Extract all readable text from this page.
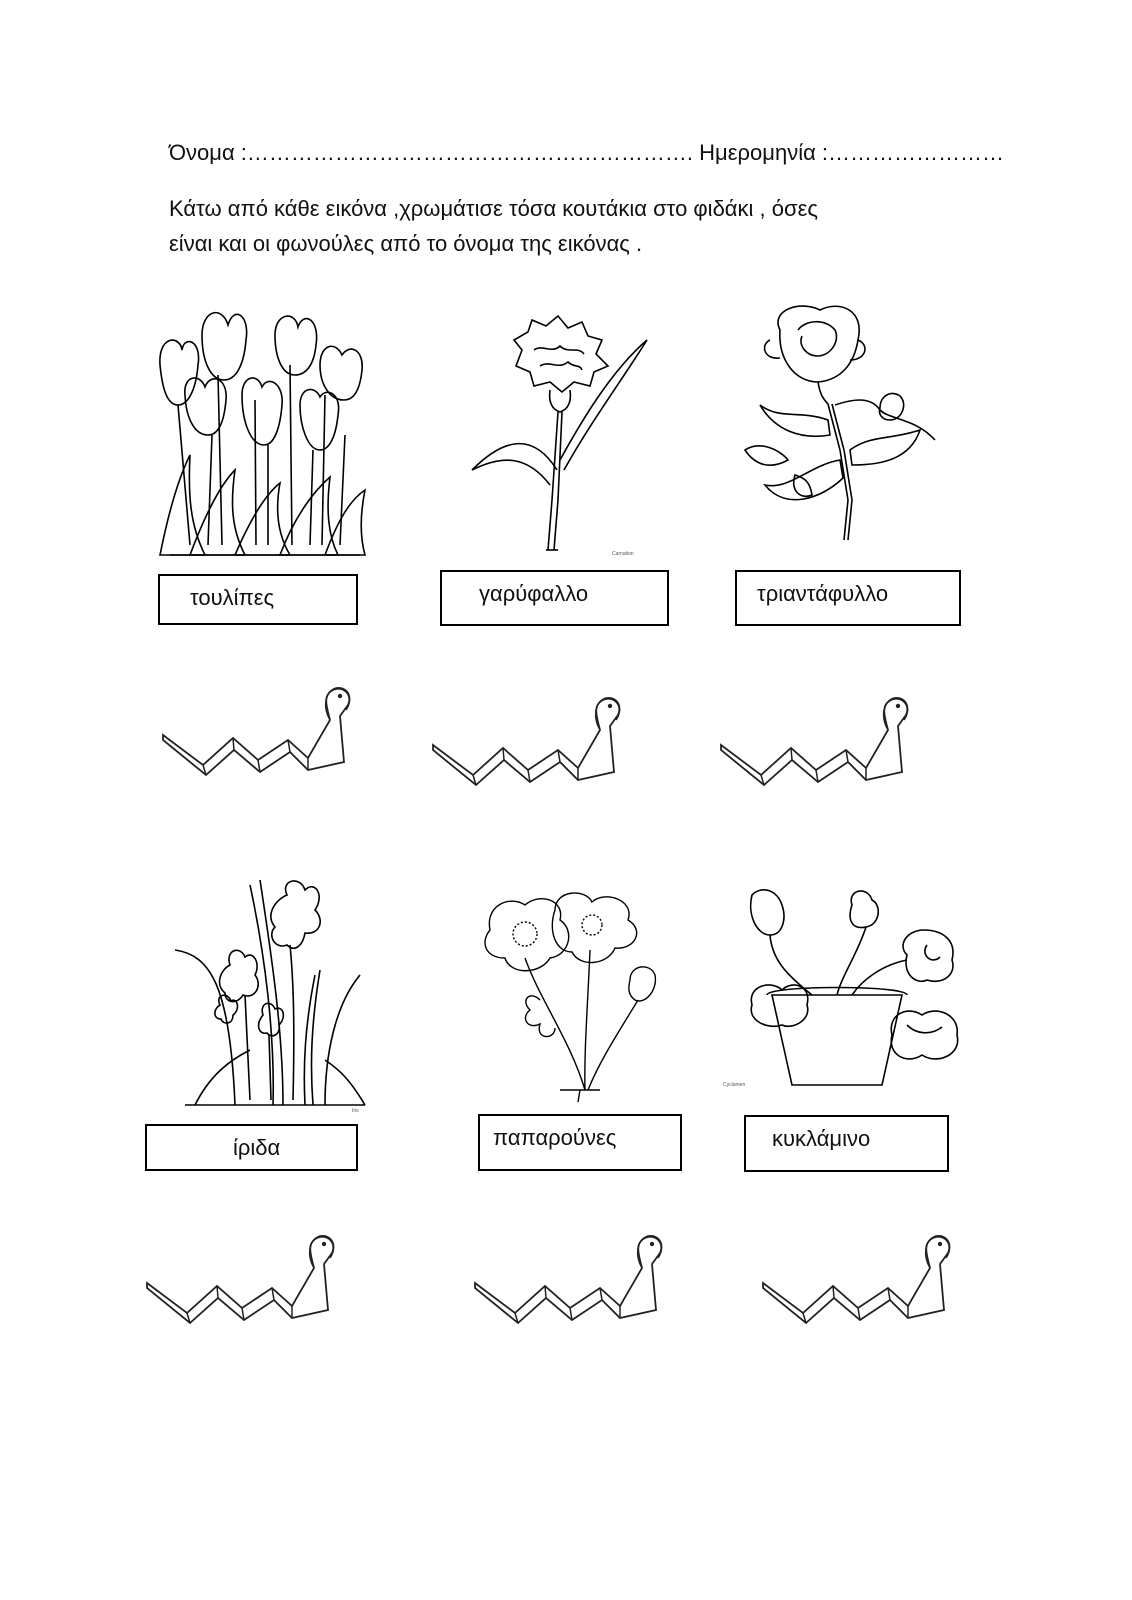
Όνομα :……………………………………………………. Ημερομηνία :……………………
Κάτω από κάθε εικόνα ,χρωμάτισε τόσα κουτάκια στο φιδάκι , όσες
είναι και οι φωνούλες από το όνομα της εικόνας .
Carnation
τουλίπες	γαρύφαλλο	τριαντάφυλλο
Iris
Cyclamen
ίριδα	παπαρούνες	κυκλάμινο
